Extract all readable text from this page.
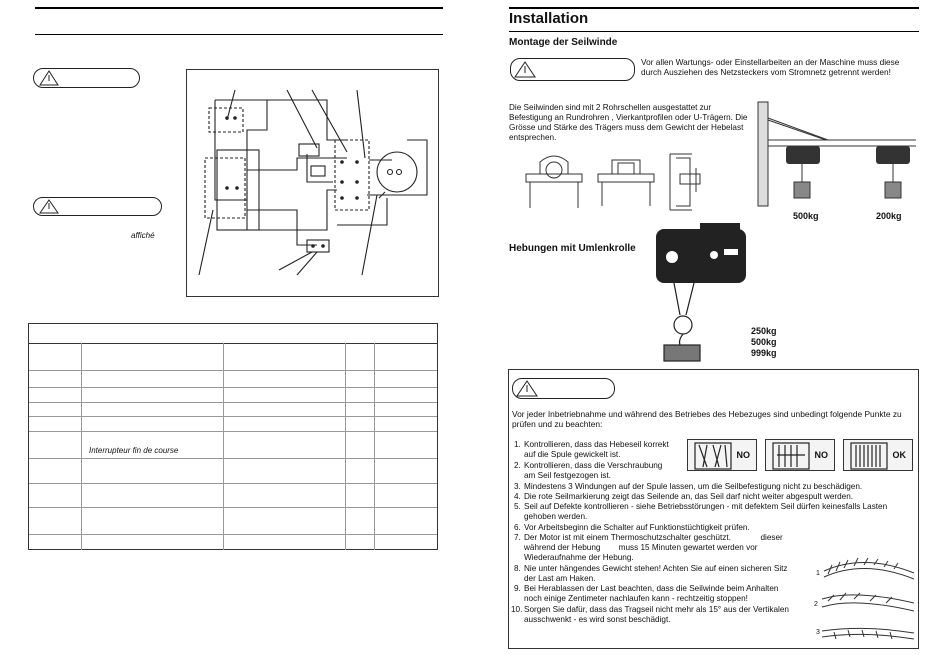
affiché
Interrupteur fin de course
Installation
Montage der Seilwinde
Vor allen Wartungs- oder Einstellarbeiten an der Maschine muss diese
durch Ausziehen des Netzsteckers vom Stromnetz getrennt werden!
Die Seilwinden sind mit 2 Rohrschellen ausgestattet zur
Befestigung an Rundrohren , Vierkantprofilen oder U-Trägern. Die
Grösse und Stärke des Trägers muss dem Gewicht der Hebelast
entsprechen.
500kg	200kg
Hebungen mit Umlenkrolle
250kg
500kg
999kg
Vor jeder Inbetriebnahme und während des Betriebes des Hebezuges sind unbedingt folgende Punkte zu
prüfen und zu beachten:
NO	NO	OK
1. Kontrollieren, dass das Hebeseil korrekt
auf die Spule gewickelt ist.
2. Kontrollieren, dass die Verschraubung
am Seil festgezogen ist.
3. Mindestens 3 Windungen auf der Spule lassen, um die Seilbefestigung nicht zu beschädigen.
4. Die rote Seilmarkierung zeigt das Seilende an, das Seil darf nicht weiter abgespult werden.
5. Seil auf Defekte kontrollieren - siehe Betriebsstörungen - mit defektem Seil dürfen keinesfalls Lasten
gehoben werden.
6. Vor Arbeitsbeginn die Schalter auf Funktionstüchtigkeit prüfen.
7. Der Motor ist mit einem Thermoschutzschalter geschützt.             dieser
während der Hebung        muss 15 Minuten gewartet werden vor
Wiederaufnahme der Hebung.
8. Nie unter hängendes Gewicht stehen! Achten Sie auf einen sicheren Sitz
der Last am Haken.
9. Bei Herablassen der Last beachten, dass die Seilwinde beim Anhalten
noch einige Zentimeter nachlaufen kann - rechtzeitig stoppen!
10. Sorgen Sie dafür, dass das Tragseil nicht mehr als 15° aus der Vertikalen
ausschwenkt - es wird sonst beschädigt.
1
2
3
